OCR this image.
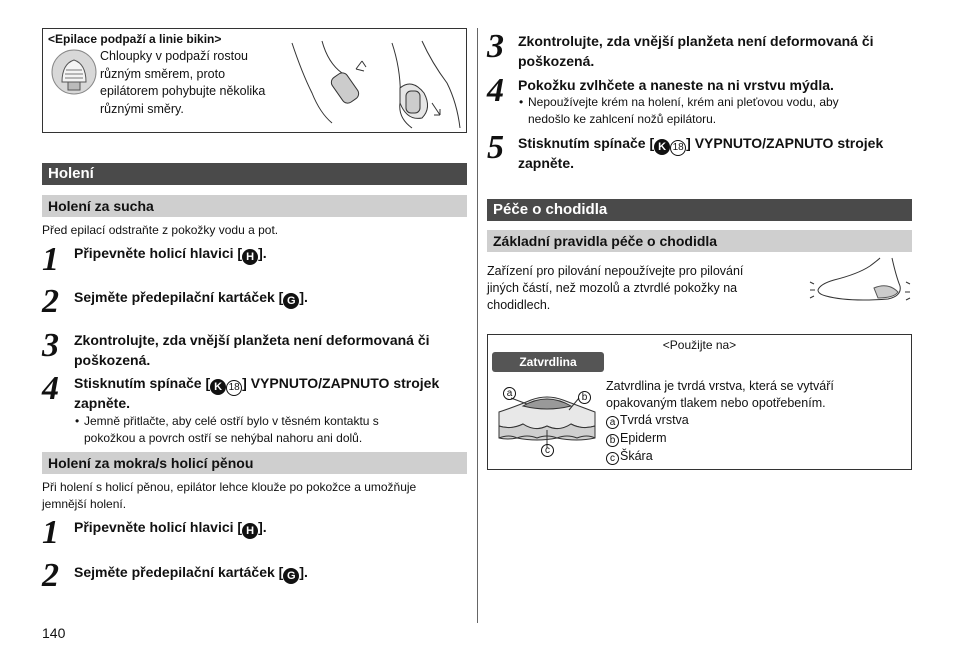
<Epilace podpaží a linie bikin>
Chloupky v podpaží rostou
různým směrem, proto
epilátorem pohybujte několika
různými směry.
Holení
Holení za sucha
Před epilací odstraňte z pokožky vodu a pot.
1 Připevněte holicí hlavici [ H ].
2 Sejměte předepilační kartáček [ G ].
3 Zkontrolujte, zda vnější planžeta není deformovaná či
poškozená.
4 Stisknutím spínače [ K 18 ] VYPNUTO/ZAPNUTO strojek
zapněte.
• Jemně přitlačte, aby celé ostří bylo v těsném kontaktu s
pokožkou a povrch ostří se nehýbal nahoru ani dolů.
Holení za mokra/s holicí pěnou
Při holení s holicí pěnou, epilátor lehce klouže po pokožce a umožňuje
jemnější holení.
1 Připevněte holicí hlavici [ H ].
2 Sejměte předepilační kartáček [ G ].
140
3 Zkontrolujte, zda vnější planžeta není deformovaná či
poškozená.
4 Pokožku zvlhčete a naneste na ni vrstvu mýdla.
• Nepoužívejte krém na holení, krém ani pleťovou vodu, aby
nedošlo ke zahlcení nožů epilátoru.
5 Stisknutím spínače [ K 18 ] VYPNUTO/ZAPNUTO strojek
zapněte.
Péče o chodidla
Základní pravidla péče o chodidla
Zařízení pro pilování nepoužívejte pro pilování
jiných částí, než mozolů a ztvrdlé pokožky na
chodidlech.
<Použijte na>
Zatvrdlina
a	b
c
Zatvrdlina je tvrdá vrstva, která se vytváří
opakovaným tlakem nebo opotřebením.
a Tvrdá vrstva
b Epiderm
c Škára
